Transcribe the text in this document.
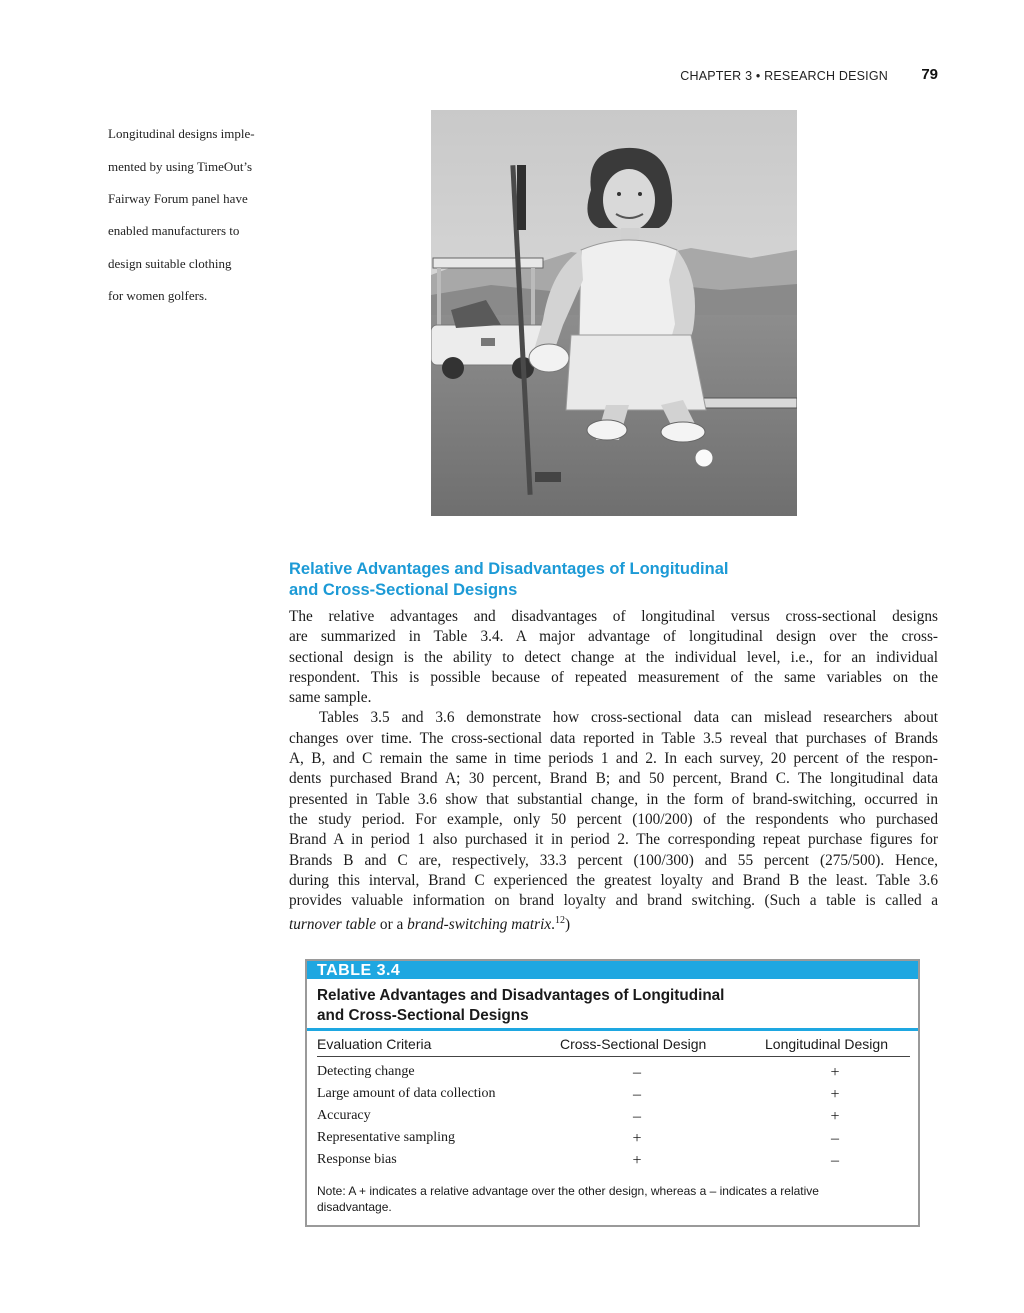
CHAPTER 3 • RESEARCH DESIGN 79

Longitudinal designs imple-

mented by using TimeOut’s

Fairway Forum panel have

enabled manufacturers to

design suitable clothing

for women golfers.

Relative Advantages and Disadvantages of Longitudinal
and Cross-Sectional Designs
The relative advantages and disadvantages of longitudinal versus cross-sectional designs
are summarized in Table 3.4. A major advantage of longitudinal design over the cross-
sectional design is the ability to detect change at the individual level, i.e., for an individual
respondent. This is possible because of repeated measurement of the same variables on the
same sample.
Tables 3.5 and 3.6 demonstrate how cross-sectional data can mislead researchers about
changes over time. The cross-sectional data reported in Table 3.5 reveal that purchases of Brands
A, B, and C remain the same in time periods 1 and 2. In each survey, 20 percent of the respon-
dents purchased Brand A; 30 percent, Brand B; and 50 percent, Brand C. The longitudinal data
presented in Table 3.6 show that substantial change, in the form of brand-switching, occurred in
the study period. For example, only 50 percent (100/200) of the respondents who purchased
Brand A in period 1 also purchased it in period 2. The corresponding repeat purchase figures for
Brands B and C are, respectively, 33.3 percent (100/300) and 55 percent (275/500). Hence,
during this interval, Brand C experienced the greatest loyalty and Brand B the least. Table 3.6
provides valuable information on brand loyalty and brand switching. (Such a table is called a
turnover table or a brand-switching matrix.$^{12}$)
TABLE 3.4
Relative Advantages and Disadvantages of Longitudinal
and Cross-Sectional Designs
Evaluation Criteria	Cross-Sectional Design	Longitudinal Design
Detecting change	–	+
Large amount of data collection	–	+
Accuracy	–	+
Representative sampling	+	–
Response bias	+	–
Note: A + indicates a relative advantage over the other design, whereas a – indicates a relative
disadvantage.
